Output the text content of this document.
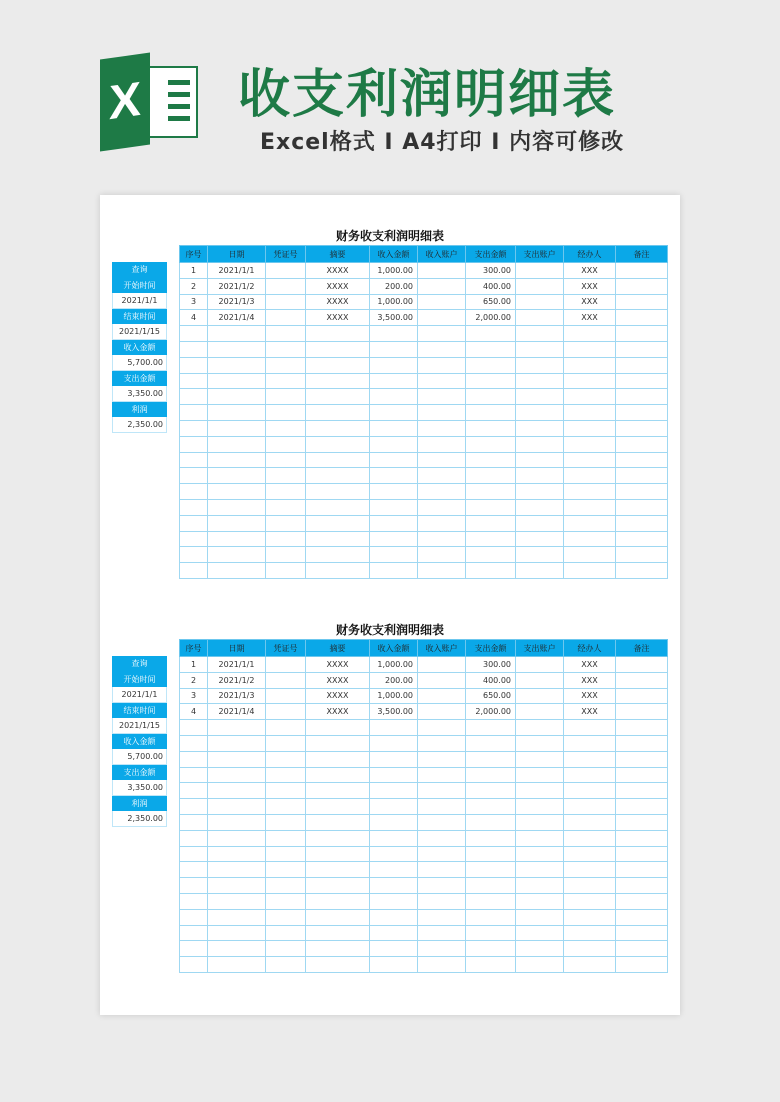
X 收支利润明细表
Excel格式 I A4打印 I 内容可修改
财务收支利润明细表
查询
开始时间
2021/1/1
结束时间
2021/1/15
收入金额
5,700.00
支出金额
3,350.00
利润
2,350.00
序号	日期	凭证号	摘要	收入金额	收入账户	支出金额	支出账户	经办人	备注
1	2021/1/1		XXXX	1,000.00		300.00		XXX	
2	2021/1/2		XXXX	200.00		400.00		XXX	
3	2021/1/3		XXXX	1,000.00		650.00		XXX	
4	2021/1/4		XXXX	3,500.00		2,000.00		XXX	

财务收支利润明细表
查询
开始时间
2021/1/1
结束时间
2021/1/15
收入金额
5,700.00
支出金额
3,350.00
利润
2,350.00
序号	日期	凭证号	摘要	收入金额	收入账户	支出金额	支出账户	经办人	备注
1	2021/1/1		XXXX	1,000.00		300.00		XXX	
2	2021/1/2		XXXX	200.00		400.00		XXX	
3	2021/1/3		XXXX	1,000.00		650.00		XXX	
4	2021/1/4		XXXX	3,500.00		2,000.00		XXX	
